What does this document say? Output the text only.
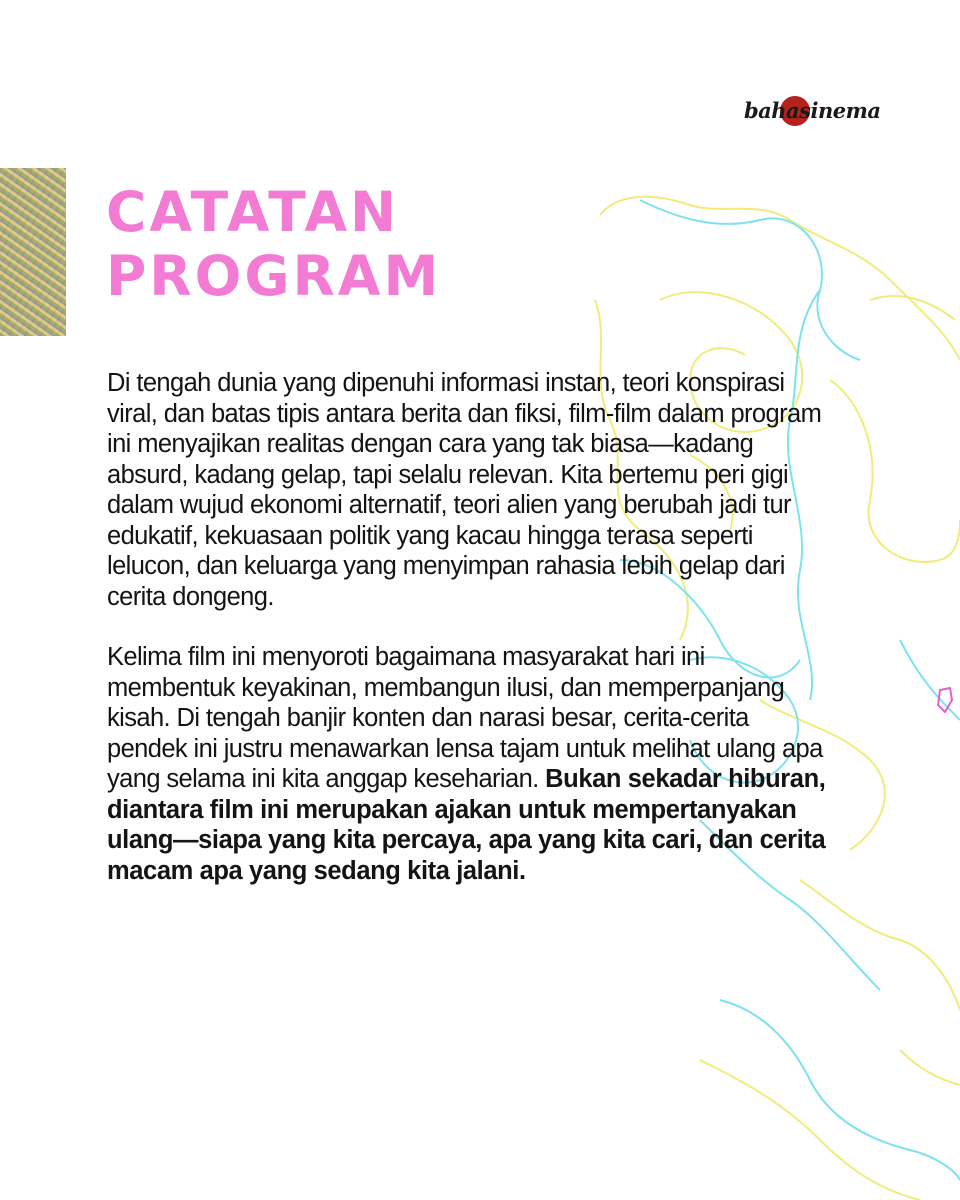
bahasinema
CATATAN
PROGRAM

Di tengah dunia yang dipenuhi informasi instan, teori konspirasi viral, dan batas tipis antara berita dan fiksi, film-film dalam program ini menyajikan realitas dengan cara yang tak biasa—kadang absurd, kadang gelap, tapi selalu relevan. Kita bertemu peri gigi dalam wujud ekonomi alternatif, teori alien yang berubah jadi tur edukatif, kekuasaan politik yang kacau hingga terasa seperti lelucon, dan keluarga yang menyimpan rahasia lebih gelap dari cerita dongeng.

Kelima film ini menyoroti bagaimana masyarakat hari ini membentuk keyakinan, membangun ilusi, dan memperpanjang kisah. Di tengah banjir konten dan narasi besar, cerita-cerita pendek ini justru menawarkan lensa tajam untuk melihat ulang apa yang selama ini kita anggap keseharian. Bukan sekadar hiburan, diantara film ini merupakan ajakan untuk mempertanyakan ulang—siapa yang kita percaya, apa yang kita cari, dan cerita macam apa yang sedang kita jalani.
